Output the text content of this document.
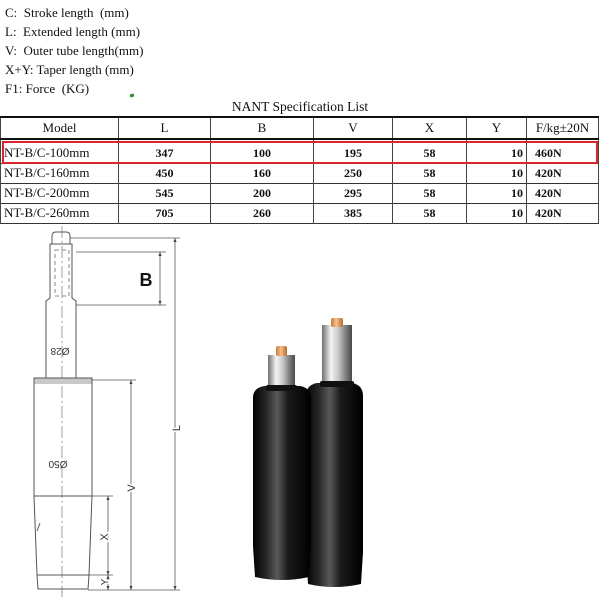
C:  Stroke length  (mm)
L:  Extended length (mm)
V:  Outer tube length(mm)
X+Y: Taper length (mm)
F1: Force  (KG)
NANT Specification List
Model	L	B	V	X	Y	F/kg±20N
NT-B/C-100mm	347	100	195	58	10	460N
NT-B/C-160mm	450	160	250	58	10	420N
NT-B/C-200mm	545	200	295	58	10	420N
NT-B/C-260mm	705	260	385	58	10	420N
B
L
V
X
Y
Ø28
Ø50
